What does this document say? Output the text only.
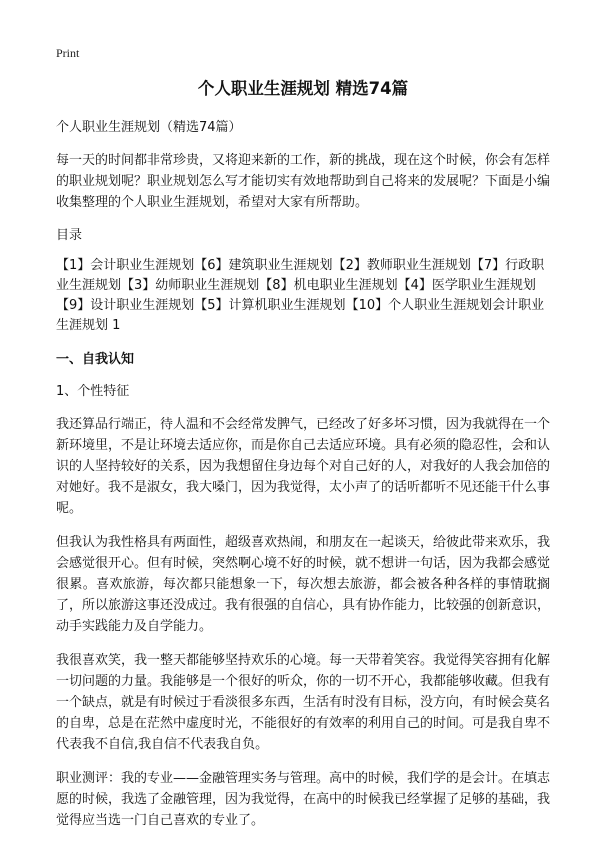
Print
个人职业生涯规划 精选74篇
个人职业生涯规划（精选74篇）

每一天的时间都非常珍贵，又将迎来新的工作，新的挑战，现在这个时候，你会有怎样的职业规划呢？职业规划怎么写才能切实有效地帮助到自己将来的发展呢？下面是小编收集整理的个人职业生涯规划，希望对大家有所帮助。

目录
【1】会计职业生涯规划【6】建筑职业生涯规划【2】教师职业生涯规划【7】行政职业生涯规划【3】幼师职业生涯规划【8】机电职业生涯规划【4】医学职业生涯规划【9】设计职业生涯规划【5】计算机职业生涯规划【10】个人职业生涯规划会计职业生涯规划 1
一、自我认知
1、个性特征

我还算品行端正，待人温和不会经常发脾气，已经改了好多坏习惯，因为我就得在一个新环境里，不是让环境去适应你，而是你自己去适应环境。具有必须的隐忍性，会和认识的人坚持较好的关系，因为我想留住身边每个对自己好的人，对我好的人我会加倍的对她好。我不是淑女，我大嗓门，因为我觉得，太小声了的话听都听不见还能干什么事呢。

但我认为我性格具有两面性，超级喜欢热闹，和朋友在一起谈天，给彼此带来欢乐，我会感觉很开心。但有时候，突然啊心境不好的时候，就不想讲一句话，因为我都会感觉很累。喜欢旅游，每次都只能想象一下，每次想去旅游，都会被各种各样的事情耽搁了，所以旅游这事还没成过。我有很强的自信心，具有协作能力，比较强的创新意识，动手实践能力及自学能力。

我很喜欢笑，我一整天都能够坚持欢乐的心境。每一天带着笑容。我觉得笑容拥有化解一切问题的力量。我能够是一个很好的听众，你的一切不开心，我都能够收藏。但我有一个缺点，就是有时候过于看淡很多东西，生活有时没有目标，没方向，有时候会莫名的自卑，总是在茫然中虚度时光，不能很好的有效率的利用自己的时间。可是我自卑不代表我不自信,我自信不代表我自负。

职业测评：我的专业——金融管理实务与管理。高中的时候，我们学的是会计。在填志愿的时候，我选了金融管理，因为我觉得，在高中的时候我已经掌握了足够的基础，我觉得应当选一门自己喜欢的专业了。
